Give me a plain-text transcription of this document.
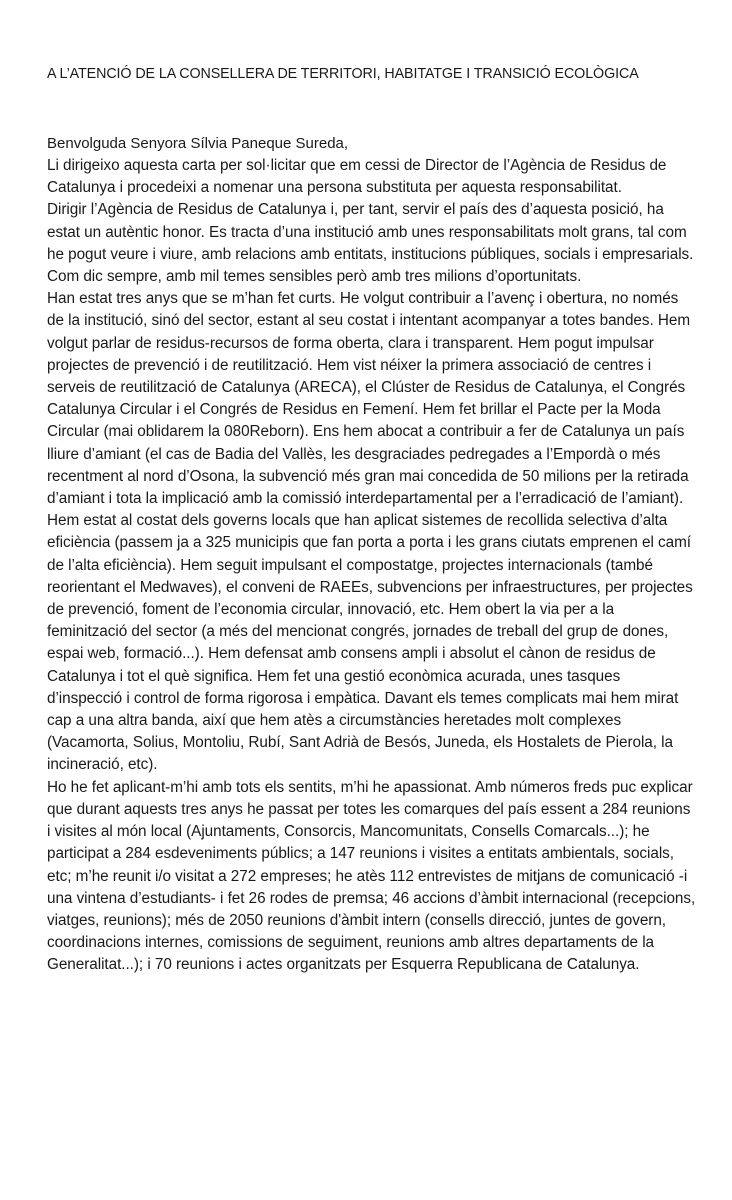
A L’ATENCIÓ DE LA CONSELLERA DE TERRITORI, HABITATGE I TRANSICIÓ ECOLÒGICA

Benvolguda Senyora Sílvia Paneque Sureda,

Li dirigeixo aquesta carta per sol·licitar que em cessi de Director de l’Agència de Residus de Catalunya i procedeixi a nomenar una persona substituta per aquesta responsabilitat.

Dirigir l’Agència de Residus de Catalunya i, per tant, servir el país des d’aquesta posició, ha estat un autèntic honor. Es tracta d’una institució amb unes responsabilitats molt grans, tal com he pogut veure i viure, amb relacions amb entitats, institucions públiques, socials i empresarials. Com dic sempre, amb mil temes sensibles però amb tres milions d’oportunitats.

Han estat tres anys que se m’han fet curts. He volgut contribuir a l’avenç i obertura, no només de la institució, sinó del sector, estant al seu costat i intentant acompanyar a totes bandes. Hem volgut parlar de residus-recursos de forma oberta, clara i transparent. Hem pogut impulsar projectes de prevenció i de reutilització. Hem vist néixer la primera associació de centres i serveis de reutilització de Catalunya (ARECA), el Clúster de Residus de Catalunya, el Congrés Catalunya Circular i el Congrés de Residus en Femení. Hem fet brillar el Pacte per la Moda Circular (mai oblidarem la 080Reborn). Ens hem abocat a contribuir a fer de Catalunya un país lliure d’amiant (el cas de Badia del Vallès, les desgraciades pedregades a l’Empordà o més recentment al nord d’Osona, la subvenció més gran mai concedida de 50 milions per la retirada d’amiant i tota la implicació amb la comissió interdepartamental per a l’erradicació de l’amiant). Hem estat al costat dels governs locals que han aplicat sistemes de recollida selectiva d’alta eficiència (passem ja a 325 municipis que fan porta a porta i les grans ciutats emprenen el camí de l’alta eficiència). Hem seguit impulsant el compostatge, projectes internacionals (també reorientant el Medwaves), el conveni de RAEEs, subvencions per infraestructures, per projectes de prevenció, foment de l’economia circular, innovació, etc. Hem obert la via per a la feminització del sector (a més del mencionat congrés, jornades de treball del grup de dones, espai web, formació...). Hem defensat amb consens ampli i absolut el cànon de residus de Catalunya i tot el què significa. Hem fet una gestió econòmica acurada, unes tasques d’inspecció i control de forma rigorosa i empàtica. Davant els temes complicats mai hem mirat cap a una altra banda, així que hem atès a circumstàncies heretades molt complexes (Vacamorta, Solius, Montoliu, Rubí, Sant Adrià de Besós, Juneda, els Hostalets de Pierola, la incineració, etc).

Ho he fet aplicant-m’hi amb tots els sentits, m’hi he apassionat. Amb números freds puc explicar que durant aquests tres anys he passat per totes les comarques del país essent a 284 reunions i visites al món local (Ajuntaments, Consorcis, Mancomunitats, Consells Comarcals...); he participat a 284 esdeveniments públics; a 147 reunions i visites a entitats ambientals, socials, etc; m’he reunit i/o visitat a 272 empreses; he atès 112 entrevistes de mitjans de comunicació -i una vintena d’estudiants- i fet 26 rodes de premsa; 46 accions d’àmbit internacional (recepcions, viatges, reunions); més de 2050 reunions d'àmbit intern (consells direcció, juntes de govern, coordinacions internes, comissions de seguiment, reunions amb altres departaments de la Generalitat...); i 70 reunions i actes organitzats per Esquerra Republicana de Catalunya.
